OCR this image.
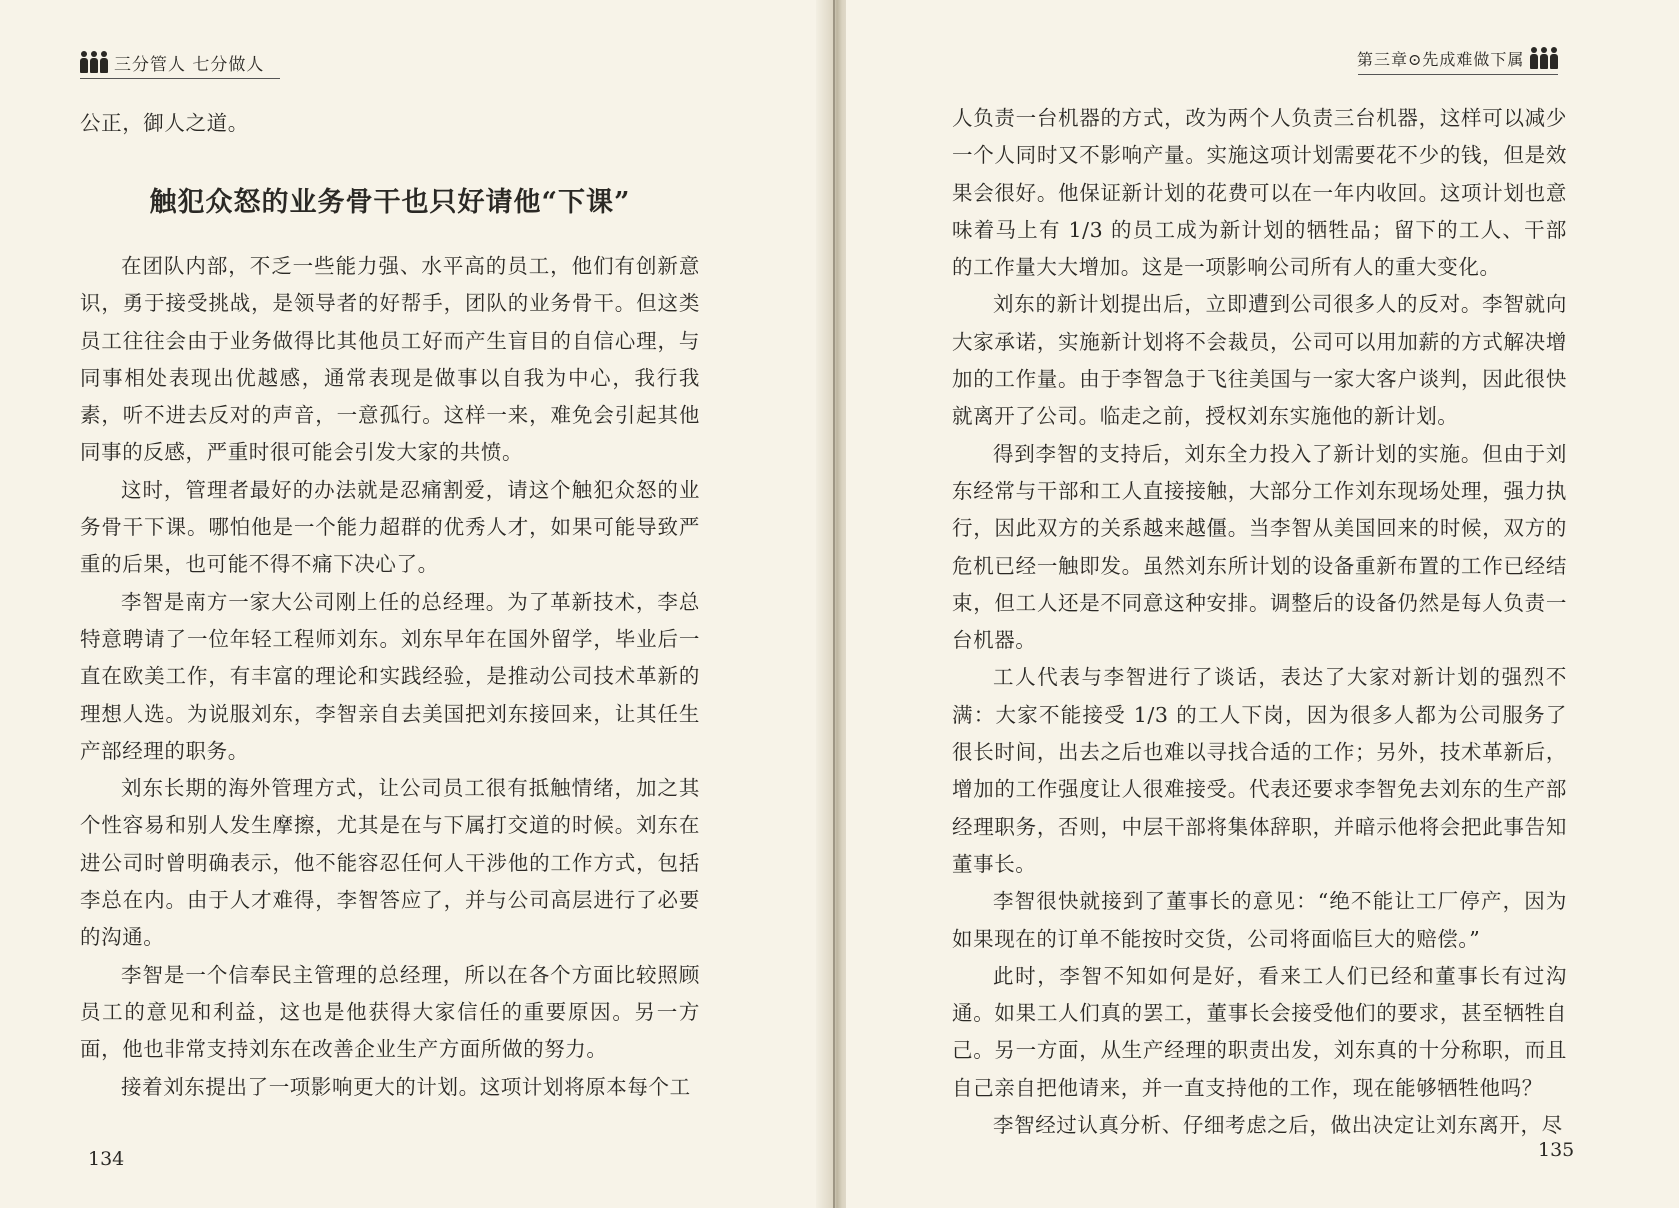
三分管人 七分做人

公正，御人之道。

触犯众怒的业务骨干也只好请他“下课”

在团队内部，不乏一些能力强、水平高的员工，他们有创新意识，勇于接受挑战，是领导者的好帮手，团队的业务骨干。但这类员工往往会由于业务做得比其他员工好而产生盲目的自信心理，与同事相处表现出优越感，通常表现是做事以自我为中心，我行我素，听不进去反对的声音，一意孤行。这样一来，难免会引起其他同事的反感，严重时很可能会引发大家的共愤。

这时，管理者最好的办法就是忍痛割爱，请这个触犯众怒的业务骨干下课。哪怕他是一个能力超群的优秀人才，如果可能导致严重的后果，也可能不得不痛下决心了。

李智是南方一家大公司刚上任的总经理。为了革新技术，李总特意聘请了一位年轻工程师刘东。刘东早年在国外留学，毕业后一直在欧美工作，有丰富的理论和实践经验，是推动公司技术革新的理想人选。为说服刘东，李智亲自去美国把刘东接回来，让其任生产部经理的职务。

刘东长期的海外管理方式，让公司员工很有抵触情绪，加之其个性容易和别人发生摩擦，尤其是在与下属打交道的时候。刘东在进公司时曾明确表示，他不能容忍任何人干涉他的工作方式，包括李总在内。由于人才难得，李智答应了，并与公司高层进行了必要的沟通。

李智是一个信奉民主管理的总经理，所以在各个方面比较照顾员工的意见和利益，这也是他获得大家信任的重要原因。另一方面，他也非常支持刘东在改善企业生产方面所做的努力。

接着刘东提出了一项影响更大的计划。这项计划将原本每个工

134
第三章⊙先成难做下属

人负责一台机器的方式，改为两个人负责三台机器，这样可以减少一个人同时又不影响产量。实施这项计划需要花不少的钱，但是效果会很好。他保证新计划的花费可以在一年内收回。这项计划也意味着马上有 1/3 的员工成为新计划的牺牲品；留下的工人、干部的工作量大大增加。这是一项影响公司所有人的重大变化。

刘东的新计划提出后，立即遭到公司很多人的反对。李智就向大家承诺，实施新计划将不会裁员，公司可以用加薪的方式解决增加的工作量。由于李智急于飞往美国与一家大客户谈判，因此很快就离开了公司。临走之前，授权刘东实施他的新计划。

得到李智的支持后，刘东全力投入了新计划的实施。但由于刘东经常与干部和工人直接接触，大部分工作刘东现场处理，强力执行，因此双方的关系越来越僵。当李智从美国回来的时候，双方的危机已经一触即发。虽然刘东所计划的设备重新布置的工作已经结束，但工人还是不同意这种安排。调整后的设备仍然是每人负责一台机器。

工人代表与李智进行了谈话，表达了大家对新计划的强烈不满：大家不能接受 1/3 的工人下岗，因为很多人都为公司服务了很长时间，出去之后也难以寻找合适的工作；另外，技术革新后，增加的工作强度让人很难接受。代表还要求李智免去刘东的生产部经理职务，否则，中层干部将集体辞职，并暗示他将会把此事告知董事长。

李智很快就接到了董事长的意见：“绝不能让工厂停产，因为如果现在的订单不能按时交货，公司将面临巨大的赔偿。”

此时，李智不知如何是好，看来工人们已经和董事长有过沟通。如果工人们真的罢工，董事长会接受他们的要求，甚至牺牲自己。另一方面，从生产经理的职责出发，刘东真的十分称职，而且自己亲自把他请来，并一直支持他的工作，现在能够牺牲他吗？

李智经过认真分析、仔细考虑之后，做出决定让刘东离开，尽

135
